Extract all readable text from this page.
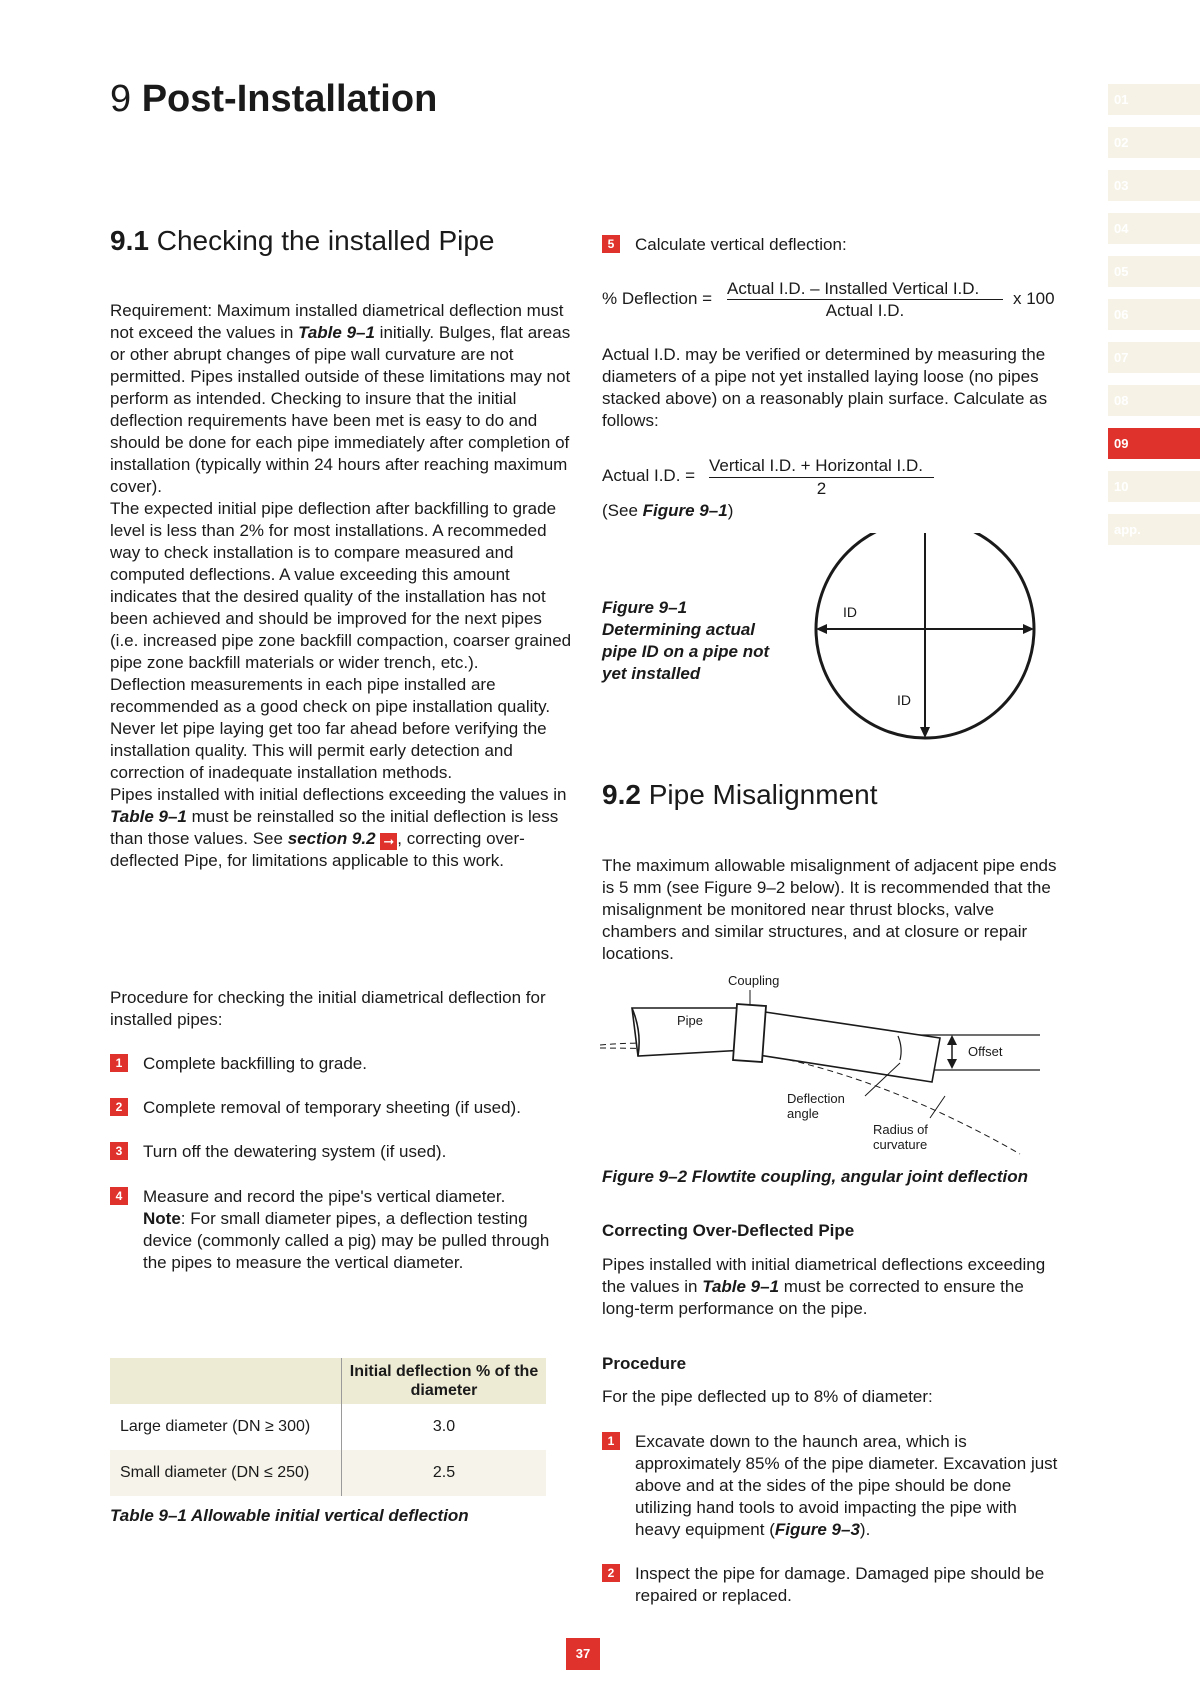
9 Post-Installation	01
02
03
04
05
06
07
08
09
10
app.
9.1 Checking the installed Pipe

Requirement: Maximum installed diametrical deflection must not exceed the values in Table 9–1 initially. Bulges, flat areas or other abrupt changes of pipe wall curvature are not permitted. Pipes installed outside of these limitations may not perform as intended. Checking to insure that the initial deflection requirements have been met is easy to do and should be done for each pipe immediately after completion of installation (typically within 24 hours after reaching maximum cover).

The expected initial pipe deflection after backfilling to grade level is less than 2% for most installations. A recommeded way to check installation is to compare measured and computed deflections. A value exceeding this amount indicates that the desired quality of the installation has not been achieved and should be improved for the next pipes (i.e. increased pipe zone backfill compaction, coarser grained pipe zone backfill materials or wider trench, etc.).

Deflection measurements in each pipe installed are recommended as a good check on pipe installation quality. Never let pipe laying get too far ahead before verifying the installation quality. This will permit early detection and correction of inadequate installation methods.

Pipes installed with initial deflections exceeding the values in Table 9–1 must be reinstalled so the initial deflection is less than those values. See section 9.2 ➞ , correcting over-deflected Pipe, for limitations applicable to this work.

Procedure for checking the initial diametrical deflection for installed pipes:
1	Complete backfilling to grade.
2	Complete removal of temporary sheeting (if used).
3	Turn off the dewatering system (if used).
4	Measure and record the pipe's vertical diameter.
Note: For small diameter pipes, a deflection testing device (commonly called a pig) may be pulled through the pipes to measure the vertical diameter.
	Initial deflection % of the diameter
Large diameter (DN ≥ 300)	3.0
Small diameter (DN ≤ 250)	2.5
Table 9–1 Allowable initial vertical deflection
5	Calculate vertical deflection:
% Deflection =
Actual I.D. – Installed Vertical I.D.
Actual I.D.
x 100
Actual I.D. may be verified or determined by measuring the diameters of a pipe not yet installed laying loose (no pipes stacked above) on a reasonably plain surface. Calculate as follows:
Actual I.D. =
Vertical I.D. + Horizontal I.D.
2
(See Figure 9–1)
Figure 9–1 Determining actual pipe ID on a pipe not yet installed
ID
ID
9.2 Pipe Misalignment
The maximum allowable misalignment of adjacent pipe ends is 5 mm (see Figure 9–2 below). It is recommended that the misalignment be monitored near thrust blocks, valve chambers and similar structures, and at closure or repair locations.
Coupling
Pipe
Offset
Deflection
angle
Radius of
curvature
Figure 9–2 Flowtite coupling, angular joint deflection
Correcting Over-Deflected Pipe
Pipes installed with initial diametrical deflections exceeding the values in Table 9–1 must be corrected to ensure the long-term performance on the pipe.
Procedure
For the pipe deflected up to 8% of diameter:
1	Excavate down to the haunch area, which is approximately 85% of the pipe diameter. Excavation just above and at the sides of the pipe should be done utilizing hand tools to avoid impacting the pipe with heavy equipment (Figure 9–3).
2	Inspect the pipe for damage. Damaged pipe should be repaired or replaced.
37
